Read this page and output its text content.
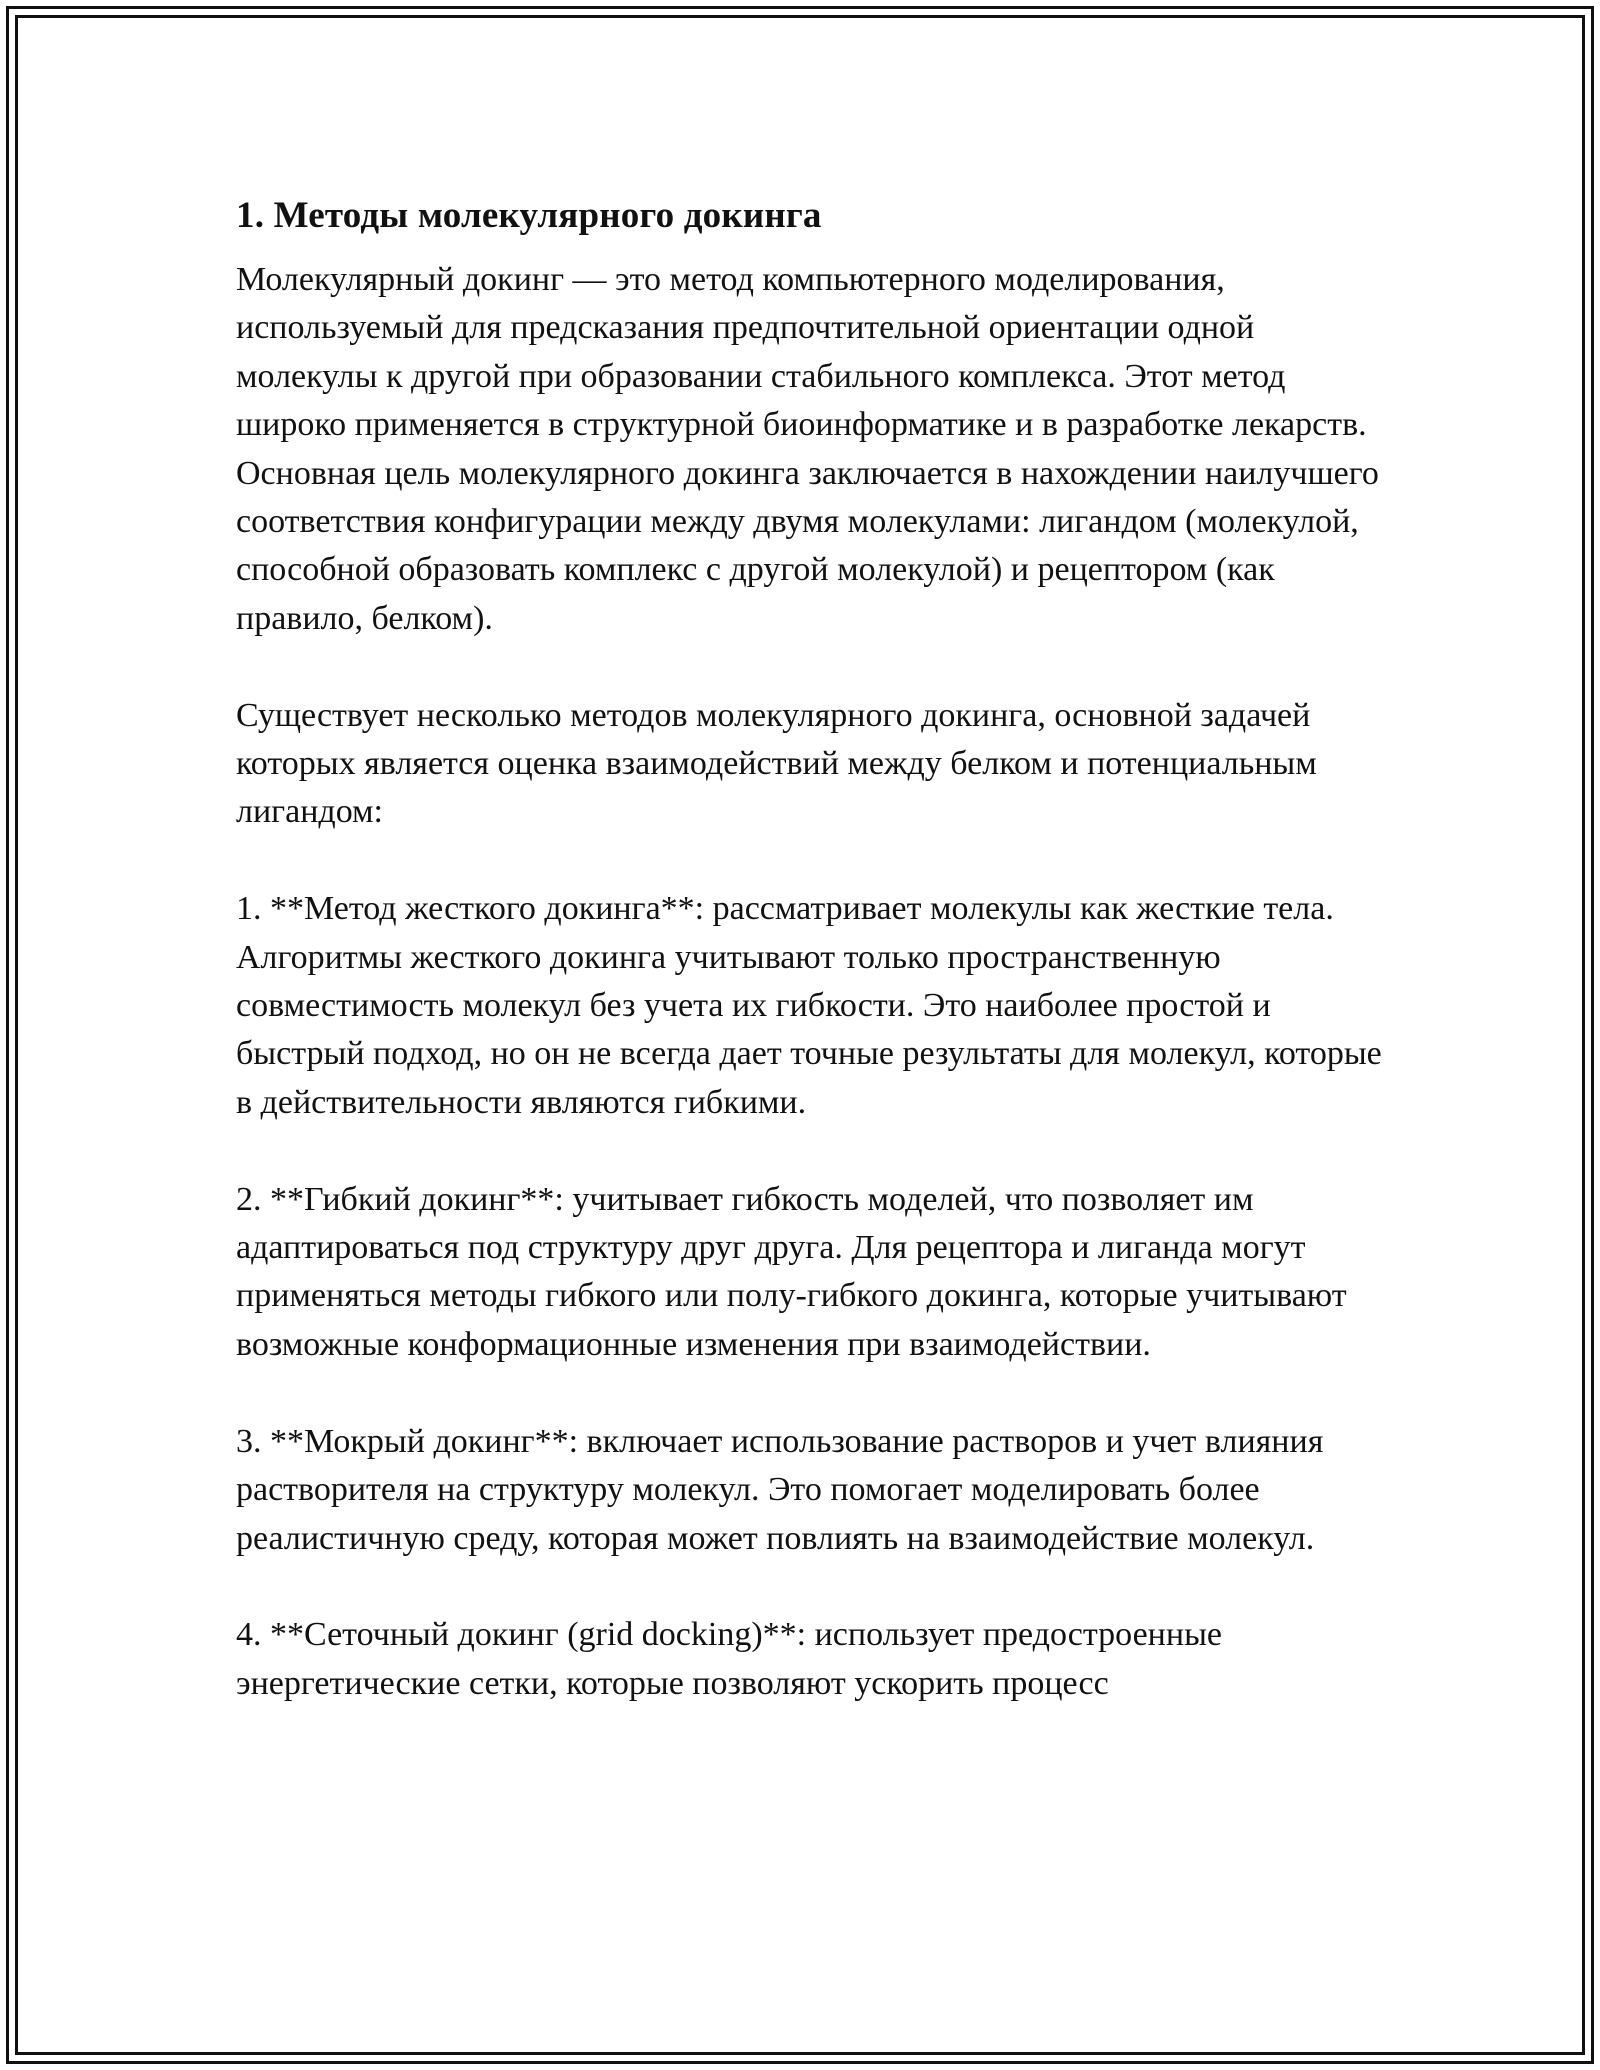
1. Методы молекулярного докинга

Молекулярный докинг — это метод компьютерного моделирования, используемый для предсказания предпочтительной ориентации одной молекулы к другой при образовании стабильного комплекса. Этот метод широко применяется в структурной биоинформатике и в разработке лекарств. Основная цель молекулярного докинга заключается в нахождении наилучшего соответствия конфигурации между двумя молекулами: лигандом (молекулой, способной образовать комплекс с другой молекулой) и рецептором (как правило, белком).

Существует несколько методов молекулярного докинга, основной задачей которых является оценка взаимодействий между белком и потенциальным лигандом:

1. **Метод жесткого докинга**: рассматривает молекулы как жесткие тела. Алгоритмы жесткого докинга учитывают только пространственную совместимость молекул без учета их гибкости. Это наиболее простой и быстрый подход, но он не всегда дает точные результаты для молекул, которые в действительности являются гибкими.

2. **Гибкий докинг**: учитывает гибкость моделей, что позволяет им адаптироваться под структуру друг друга. Для рецептора и лиганда могут применяться методы гибкого или полу-гибкого докинга, которые учитывают возможные конформационные изменения при взаимодействии.

3. **Мокрый докинг**: включает использование растворов и учет влияния растворителя на структуру молекул. Это помогает моделировать более реалистичную среду, которая может повлиять на взаимодействие молекул.

4. **Сеточный докинг (grid docking)**: использует предостроенные энергетические сетки, которые позволяют ускорить процесс
